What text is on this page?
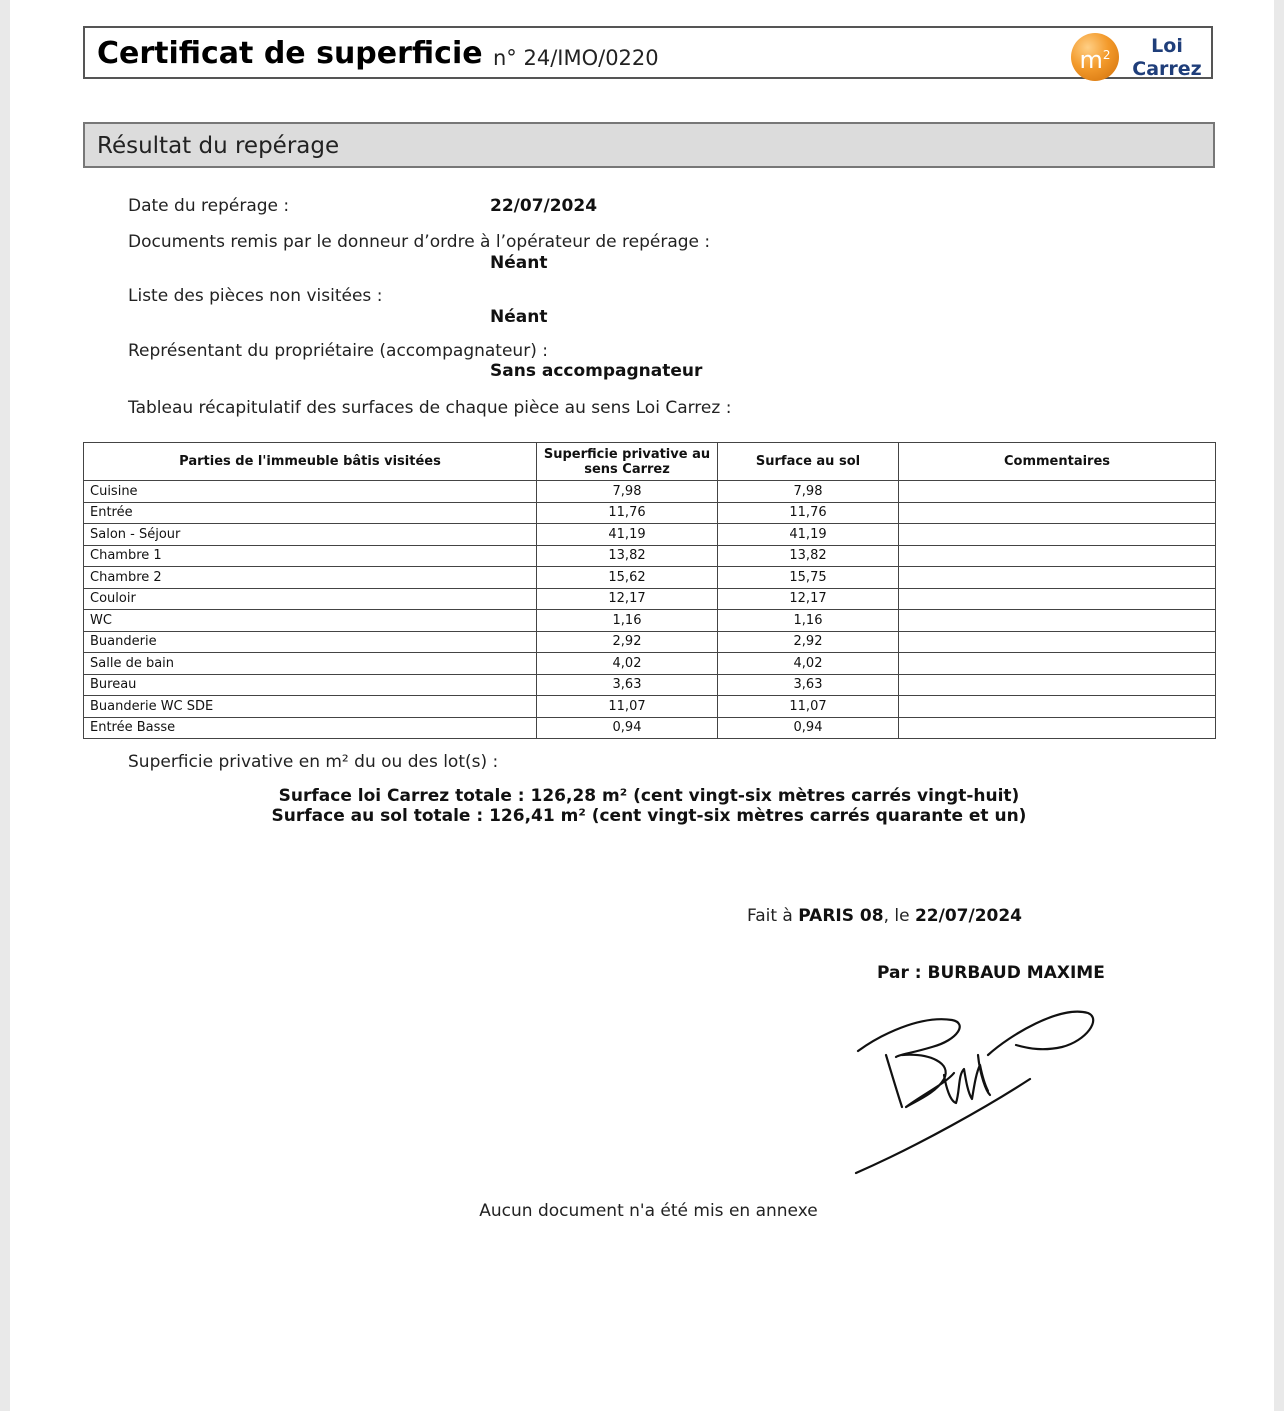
Certificat de superficie n° 24/IMO/0220	$m^2$	Loi
Carrez
Résultat du repérage
Date du repérage :	22/07/2024
Documents remis par le donneur d’ordre à l’opérateur de repérage :
Néant
Liste des pièces non visitées :
Néant
Représentant du propriétaire (accompagnateur) :
Sans accompagnateur
Tableau récapitulatif des surfaces de chaque pièce au sens Loi Carrez :
Parties de l'immeuble bâtis visitées	Superficie privative au sens Carrez	Surface au sol	Commentaires
Cuisine	7,98	7,98	
Entrée	11,76	11,76	
Salon - Séjour	41,19	41,19	
Chambre 1	13,82	13,82	
Chambre 2	15,62	15,75	
Couloir	12,17	12,17	
WC	1,16	1,16	
Buanderie	2,92	2,92	
Salle de bain	4,02	4,02	
Bureau	3,63	3,63	
Buanderie WC SDE	11,07	11,07	
Entrée Basse	0,94	0,94	
Superficie privative en m² du ou des lot(s) :
Surface loi Carrez totale : 126,28 m² (cent vingt-six mètres carrés vingt-huit)
Surface au sol totale : 126,41 m² (cent vingt-six mètres carrés quarante et un)
Fait à PARIS 08, le 22/07/2024
Par : BURBAUD MAXIME
Aucun document n'a été mis en annexe
